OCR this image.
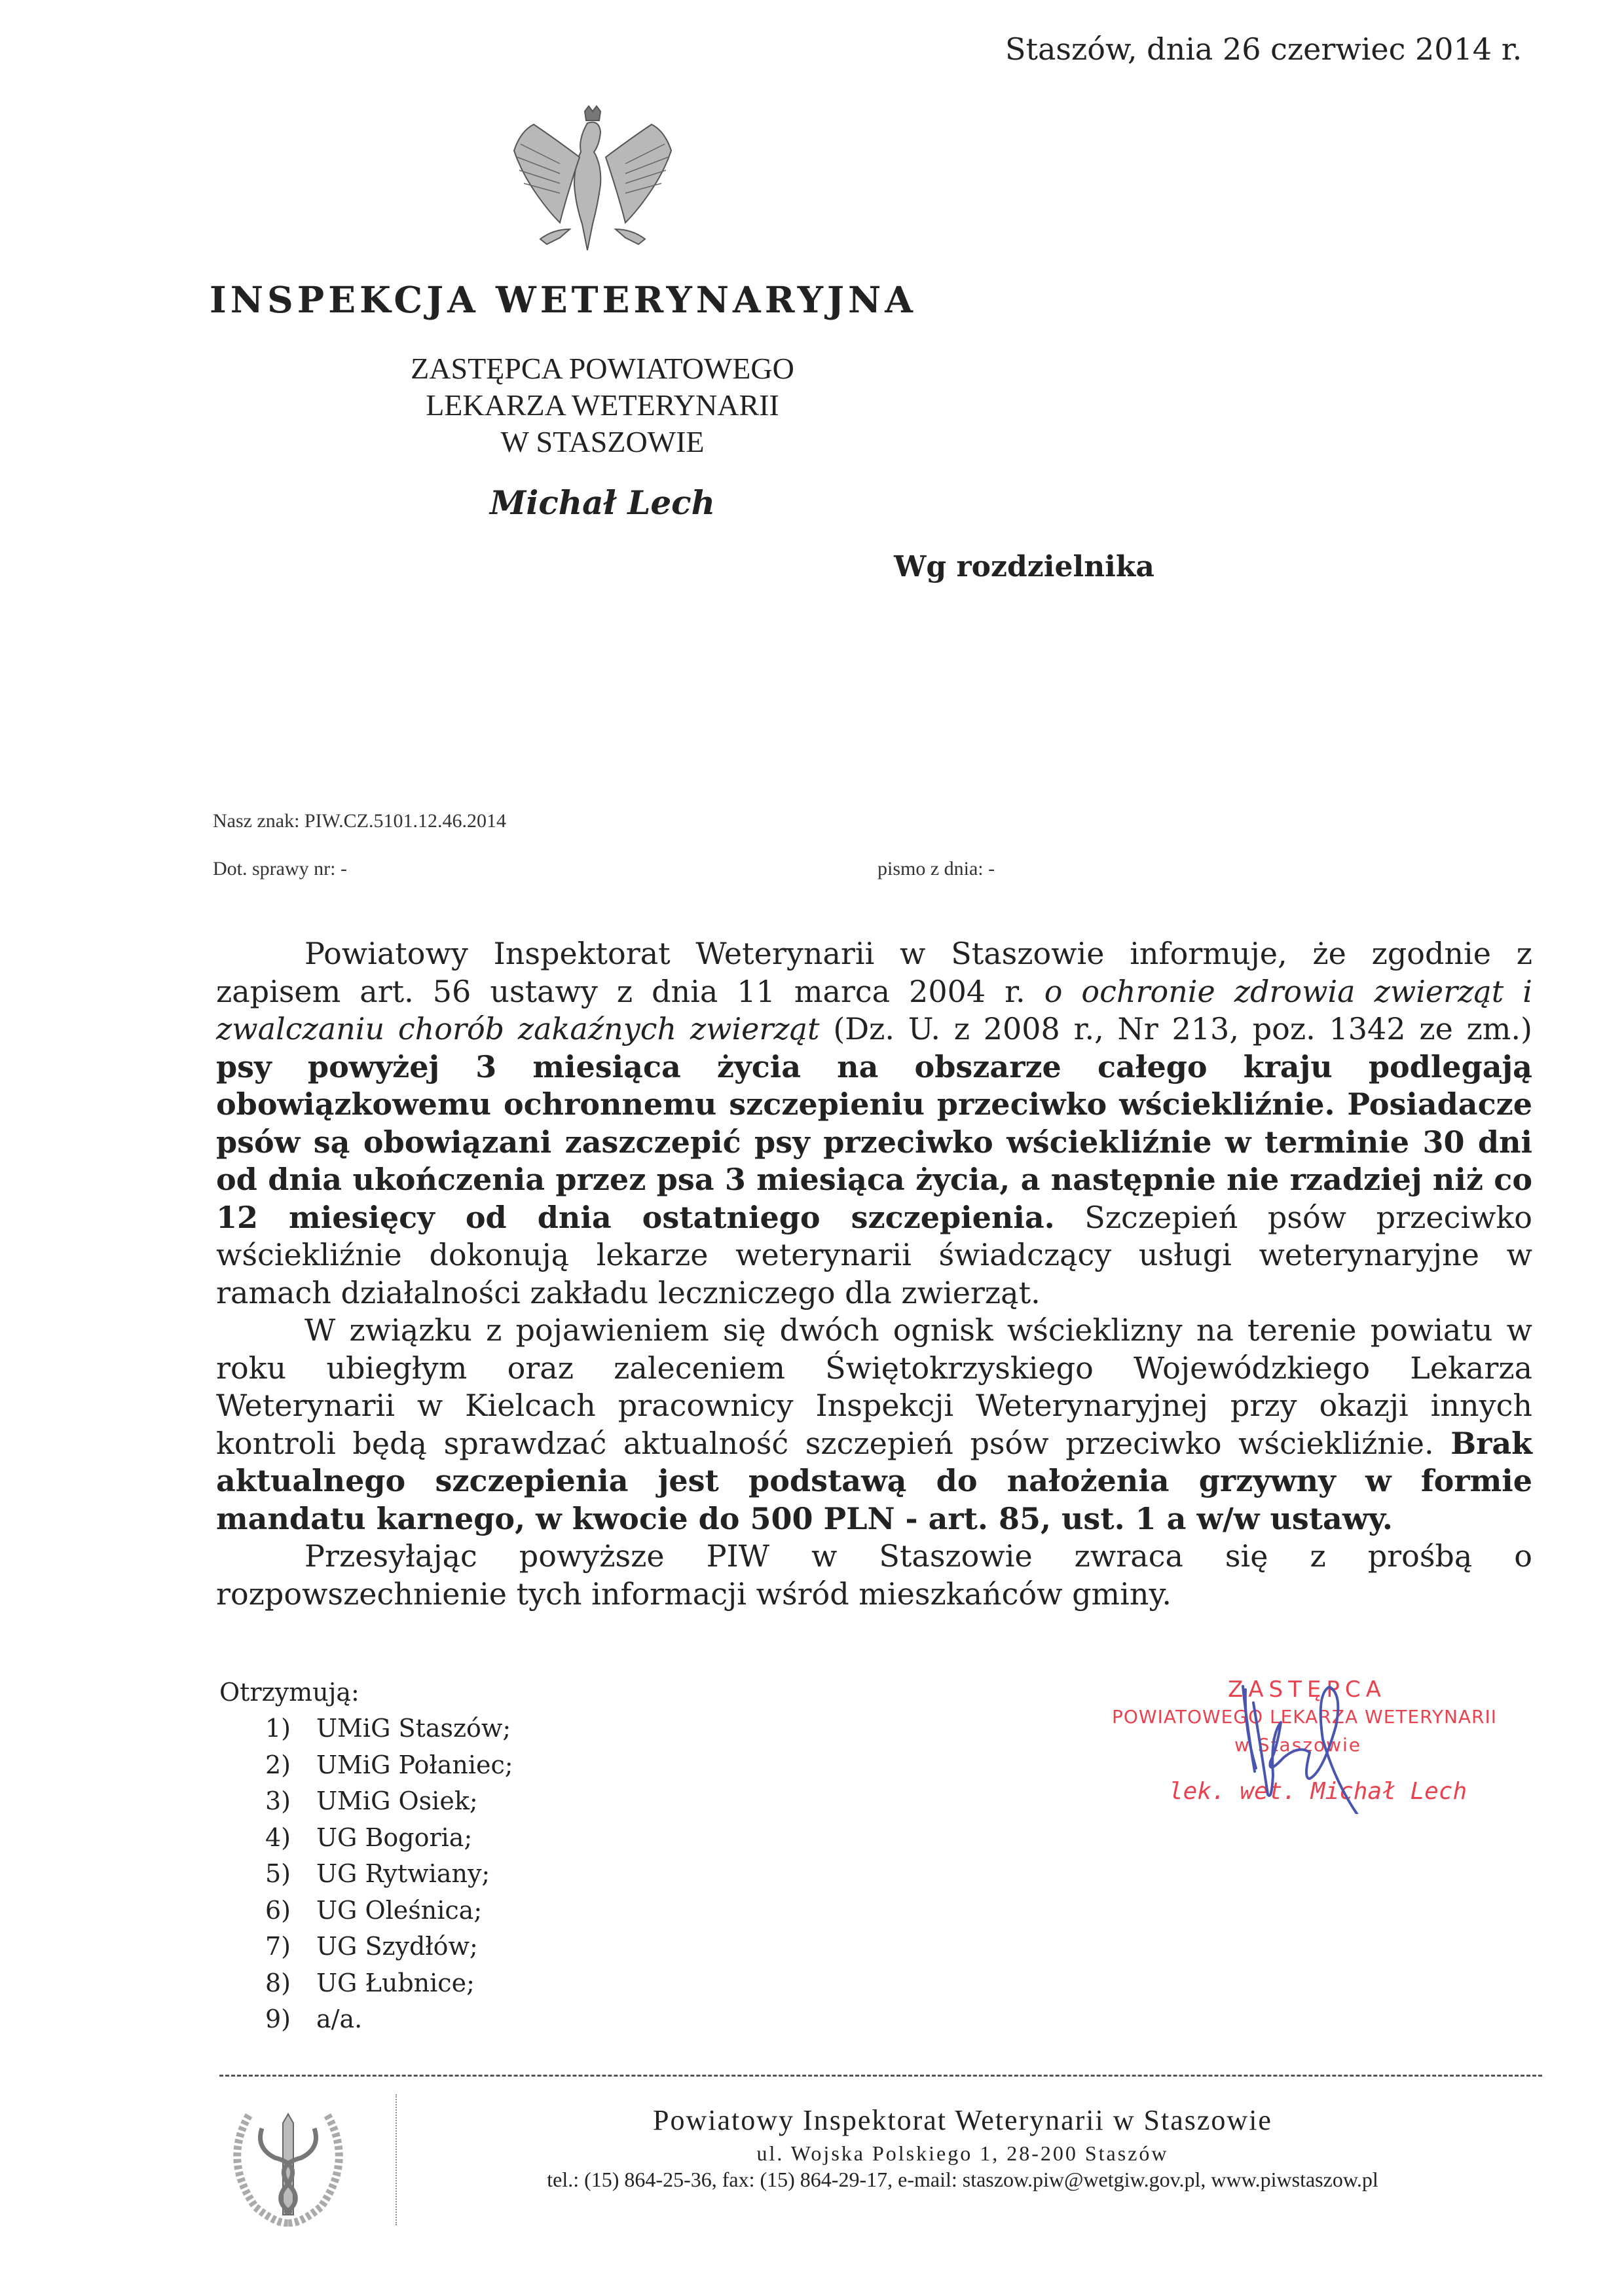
Staszów, dnia 26 czerwiec 2014 r.
INSPEKCJA WETERYNARYJNA
ZASTĘPCA POWIATOWEGO
LEKARZA WETERYNARII
W STASZOWIE
Michał Lech
Wg rozdzielnika
Nasz znak: PIW.CZ.5101.12.46.2014
Dot. sprawy nr: -	pismo z dnia: -

Powiatowy Inspektorat Weterynarii w Staszowie informuje, że zgodnie z zapisem art. 56 ustawy z dnia 11 marca 2004 r. o ochronie zdrowia zwierząt i zwalczaniu chorób zakaźnych zwierząt (Dz. U. z 2008 r., Nr 213, poz. 1342 ze zm.) psy powyżej 3 miesiąca życia na obszarze całego kraju podlegają obowiązkowemu ochronnemu szczepieniu przeciwko wściekliźnie. Posiadacze psów są obowiązani zaszczepić psy przeciwko wściekliźnie w terminie 30 dni od dnia ukończenia przez psa 3 miesiąca życia, a następnie nie rzadziej niż co 12 miesięcy od dnia ostatniego szczepienia. Szczepień psów przeciwko wściekliźnie dokonują lekarze weterynarii świadczący usługi weterynaryjne w ramach działalności zakładu leczniczego dla zwierząt.

W związku z pojawieniem się dwóch ognisk wścieklizny na terenie powiatu w roku ubiegłym oraz zaleceniem Świętokrzyskiego Wojewódzkiego Lekarza Weterynarii w Kielcach pracownicy Inspekcji Weterynaryjnej przy okazji innych kontroli będą sprawdzać aktualność szczepień psów przeciwko wściekliźnie. Brak aktualnego szczepienia jest podstawą do nałożenia grzywny w formie mandatu karnego, w kwocie do 500 PLN - art. 85, ust. 1 a w/w ustawy.

Przesyłając powyższe PIW w Staszowie zwraca się z prośbą o rozpowszechnienie tych informacji wśród mieszkańców gminy.

Otrzymują:
1)	UMiG Staszów;
2)	UMiG Połaniec;
3)	UMiG Osiek;
4)	UG Bogoria;
5)	UG Rytwiany;
6)	UG Oleśnica;
7)	UG Szydłów;
8)	UG Łubnice;
9)	a/a.
ZASTĘPCA
POWIATOWEGO LEKARZA WETERYNARII
w Staszowie
lek. wet. Michał Lech
Powiatowy Inspektorat Weterynarii w Staszowie
ul. Wojska Polskiego 1, 28-200 Staszów
tel.: (15) 864-25-36, fax: (15) 864-29-17, e-mail: staszow.piw@wetgiw.gov.pl, www.piwstaszow.pl
